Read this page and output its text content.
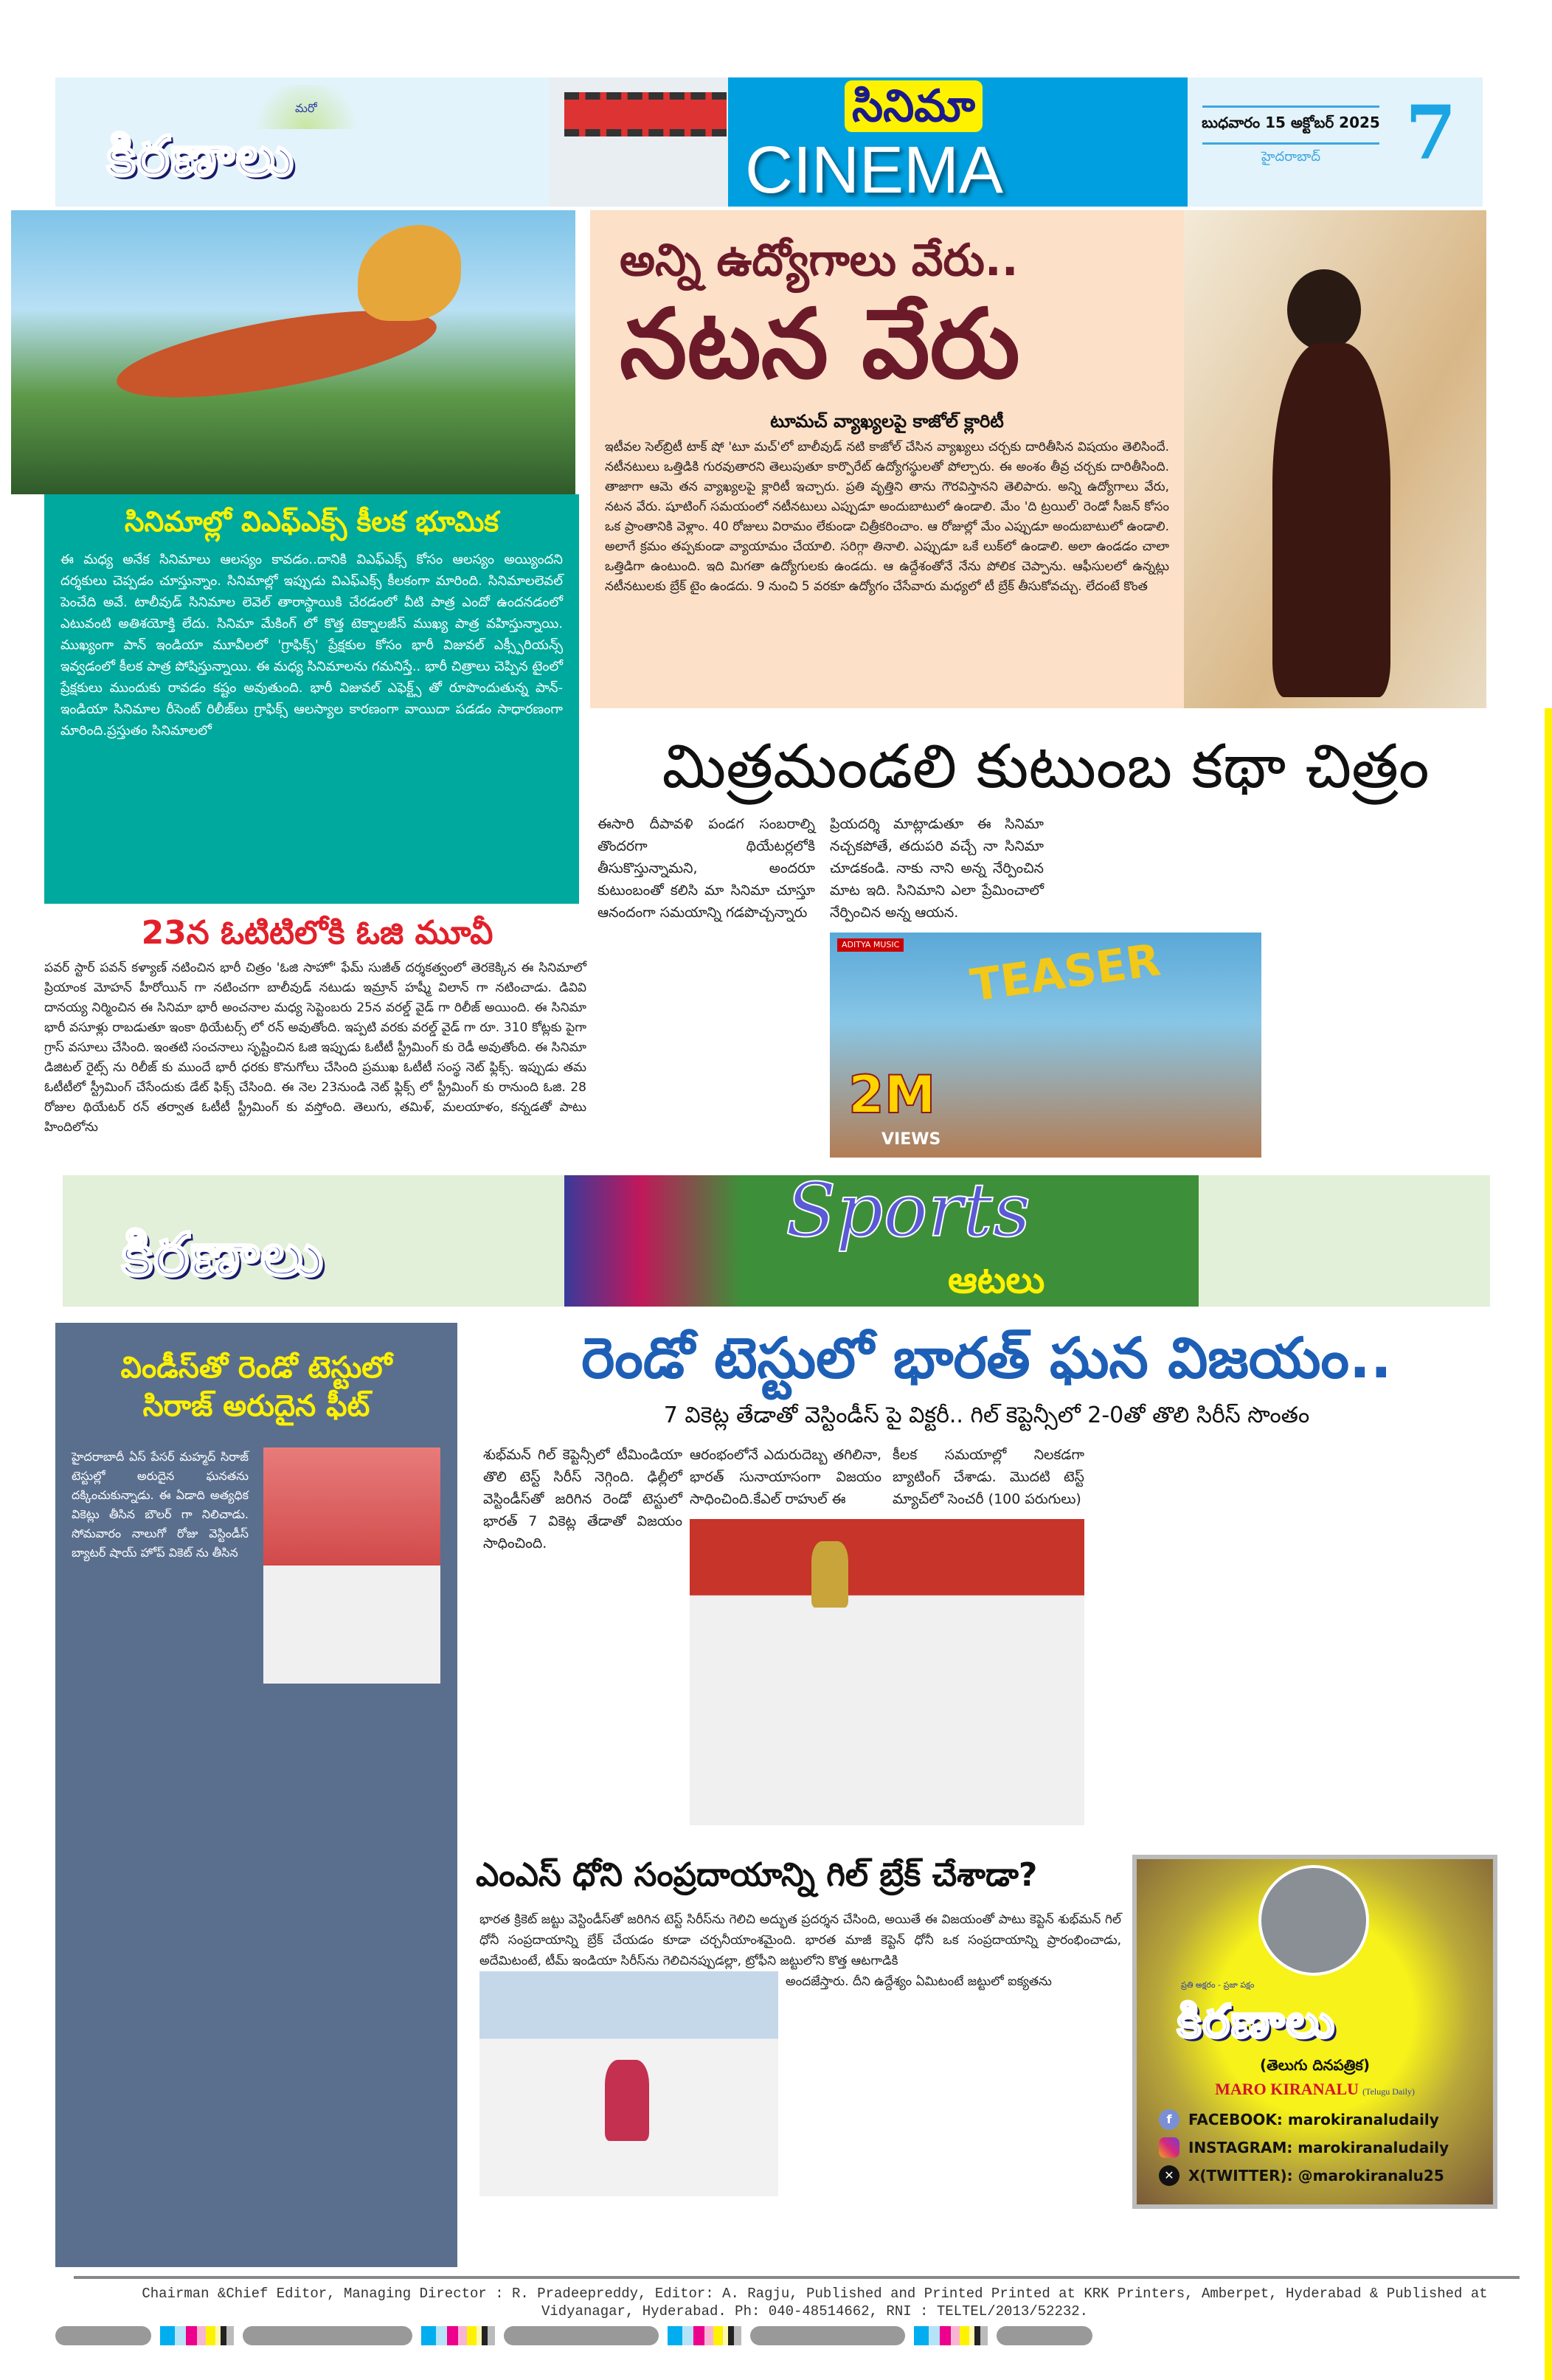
మరో
కిరణాలు
సినిమా
CINEMA
బుధవారం 15 అక్టోబర్ 2025
హైదరాబాద్	7
సినిమాల్లో విఎఫ్ఎక్స్ కీలక భూమిక

ఈ మధ్య అనేక సినిమాలు ఆలస్యం కావడం..దానికి విఎఫ్ఎక్స్ కోసం ఆలస్యం అయ్యిందని దర్శకులు చెప్పడం చూస్తున్నాం. సినిమాల్లో ఇప్పుడు విఎఫ్ఎక్స్ కీలకంగా మారింది. సినిమాలలెవల్ పెంచేది అవే. టాలీవుడ్ సినిమాల లెవెల్ తారాస్థాయికి చేరడంలో వీటి పాత్ర ఎందో ఉందనడంలో ఎటువంటి అతిశయోక్తి లేదు. సినిమా మేకింగ్ లో కొత్త టెక్నాలజీస్ ముఖ్య పాత్ర వహిస్తున్నాయి. ముఖ్యంగా పాన్ ఇండియా మూవీలలో 'గ్రాఫిక్స్' ప్రేక్షకుల కోసం భారీ విజువల్ ఎక్స్పీరియన్స్ ఇవ్వడంలో కీలక పాత్ర పోషిస్తున్నాయి. ఈ మధ్య సినిమాలను గమనిస్తే.. భారీ చిత్రాలు చెప్పిన టైంలో ప్రేక్షకులు ముందుకు రావడం కష్టం అవుతుంది. భారీ విజువల్ ఎఫెక్ట్స్ తో రూపొందుతున్న పాన్-ఇండియా సినిమాల రీసెంట్ రిలీజ్‌లు గ్రాఫిక్స్ ఆలస్యాల కారణంగా వాయిదా పడడం సాధారణంగా మారింది.ప్రస్తుతం సినిమాలలో

23న ఓటిటిలోకి ఓజి మూవీ

పవర్ స్టార్ పవన్ కళ్యాణ్ నటించిన భారీ చిత్రం 'ఓజి సాహో' ఫేమ్ సుజీత్ దర్శకత్వంలో తెరకెక్కిన ఈ సినిమాలో ప్రియాంక మోహన్ హీరోయిన్ గా నటించగా బాలీవుడ్ నటుడు ఇమ్రాన్ హష్మీ విలాన్ గా నటించాడు. డివివి దానయ్య నిర్మించిన ఈ సినిమా భారీ అంచనాల మధ్య సెప్టెంబరు 25న వరల్డ్ వైడ్ గా రిలీజ్ అయింది. ఈ సినిమా భారీ వసూళ్లు రాబడుతూ ఇంకా థియేటర్స్ లో రన్ అవుతోంది. ఇప్పటి వరకు వరల్డ్ వైడ్ గా రూ. 310 కోట్లకు పైగా గ్రాస్ వసూలు చేసింది. ఇంతటి సంచనాలు సృష్టించిన ఓజి ఇప్పుడు ఓటీటీ స్ట్రీమింగ్ కు రెడీ అవుతోంది. ఈ సినిమా డిజిటల్ రైట్స్ ను రిలీజ్ కు ముందే భారీ ధరకు కొనుగోలు చేసింది ప్రముఖ ఓటీటీ సంస్థ నెట్ ఫ్లిక్స్. ఇప్పుడు తమ ఓటీటీలో స్ట్రీమింగ్ చేసేందుకు డేట్ ఫిక్స్ చేసింది. ఈ నెల 23నుండి నెట్ ఫ్లిక్స్ లో స్ట్రీమింగ్ కు రానుంది ఓజి. 28 రోజుల థియేటర్ రన్ తర్వాత ఓటీటీ స్ట్రీమింగ్ కు వస్తోంది. తెలుగు, తమిళ్, మలయాళం, కన్నడతో పాటు హిందిలోను

అన్ని ఉద్యోగాలు వేరు..
నటన వేరు
టూమచ్ వ్యాఖ్యలపై కాజోల్ క్లారిటీ

ఇటీవల సెల్‌బ్రిటీ టాక్ షో 'టూ మచ్'లో బాలీవుడ్ నటి కాజోల్ చేసిన వ్యాఖ్యలు చర్చకు దారితీసిన విషయం తెలిసిందే. నటీనటులు ఒత్తిడికి గురవుతారని తెలుపుతూ కార్పొరేట్ ఉద్యోగస్థులతో పోల్చారు. ఈ అంశం తీవ్ర చర్చకు దారితీసింది. తాజాగా ఆమె తన వ్యాఖ్యలపై క్లారిటీ ఇచ్చారు. ప్రతి వృత్తిని తాను గౌరవిస్తానని తెలిపారు. అన్ని ఉద్యోగాలు వేరు, నటన వేరు. షూటింగ్ సమయంలో నటీనటులు ఎప్పుడూ అందుబాటులో ఉండాలి. మేం 'ది ట్రయిల్' రెండో సీజన్ కోసం ఒక ప్రాంతానికి వెళ్లాం. 40 రోజులు విరామం లేకుండా చిత్రీకరించాం. ఆ రోజుల్లో మేం ఎప్పుడూ అందుబాటులో ఉండాలి. అలాగే క్రమం తప్పకుండా వ్యాయామం చేయాలి. సరిగ్గా తినాలి. ఎప్పుడూ ఒకే లుక్‌లో ఉండాలి. అలా ఉండడం చాలా ఒత్తిడిగా ఉంటుంది. ఇది మిగతా ఉద్యోగులకు ఉండదు. ఆ ఉద్దేశంతోనే నేను పోలిక చెప్పాను. ఆఫీసులలో ఉన్నట్లు నటీనటులకు బ్రేక్ టైం ఉండదు. 9 నుంచి 5 వరకూ ఉద్యోగం చేసేవారు మధ్యలో టీ బ్రేక్ తీసుకోవచ్చు. లేదంటే కొంత

మిత్రమండలి కుటుంబ కథా చిత్రం

ఈసారి దీపావళి పండగ సంబరాల్ని తొందరగా థియేటర్లలోకి తీసుకొస్తున్నామని, అందరూ కుటుంబంతో కలిసి మా సినిమా చూస్తూ ఆనందంగా సమయాన్ని గడపొచ్చన్నారు

ప్రియదర్శి మాట్లాడుతూ ఈ సినిమా నచ్చకపోతే, తదుపరి వచ్చే నా సినిమా చూడకండి. నాకు నాని అన్న నేర్పించిన మాట ఇది. సినిమాని ఎలా ప్రేమించాలో నేర్పించిన అన్న ఆయన.

ADITYA MUSIC TEASER
2M
VIEWS
కిరణాలు
Sports
ఆటలు
విండీస్‌తో రెండో టెస్టులో
సిరాజ్ అరుదైన ఫీట్

హైదరాబాదీ ఏస్ పేసర్ మహ్మద్ సిరాజ్ టెస్టుల్లో అరుదైన ఘనతను దక్కించుకున్నాడు. ఈ ఏడాది అత్యధిక వికెట్లు తీసిన బౌలర్ గా నిలిచాడు. సోమవారం నాలుగో రోజు వెస్టిండీస్ బ్యాటర్ షాయ్ హోప్ వికెట్ ను తీసిన

రెండో టెస్టులో భారత్ ఘన విజయం..
7 వికెట్ల తేడాతో వెస్టిండీస్ పై విక్టరీ.. గిల్ కెప్టెన్సీలో 2-0తో తొలి సిరీస్ సొంతం

శుభ్‌మన్ గిల్ కెప్టెన్సీలో టీమిండియా తొలి టెస్ట్ సిరీస్ నెగ్గింది. ఢిల్లీలో వెస్టిండీస్‌తో జరిగిన రెండో టెస్టులో భారత్ 7 వికెట్ల తేడాతో విజయం సాధించింది.

ఆరంభంలోనే ఎదురుదెబ్బ తగిలినా, భారత్ సునాయాసంగా విజయం సాధించింది.కేఎల్ రాహుల్ ఈ

కీలక సమయాల్లో నిలకడగా బ్యాటింగ్ చేశాడు. మొదటి టెస్ట్ మ్యాచ్‌లో సెంచరీ (100 పరుగులు)

ఎంఎస్ ధోని సంప్రదాయాన్ని గిల్ బ్రేక్ చేశాడా?

భారత క్రికెట్ జట్టు వెస్టిండీస్‌తో జరిగిన టెస్ట్ సిరీస్‌ను గెలిచి అద్భుత ప్రదర్శన చేసింది, అయితే ఈ విజయంతో పాటు కెప్టెన్ శుభ్‌మన్ గిల్ ధోనీ సంప్రదాయాన్ని బ్రేక్ చేయడం కూడా చర్చనీయాంశమైంది. భారత మాజీ కెప్టెన్ ధోనీ ఒక సంప్రదాయాన్ని ప్రారంభించాడు, అదేమిటంటే, టీమ్ ఇండియా సిరీస్‌ను గెలిచినప్పుడల్లా, ట్రోఫీని జట్టులోని కొత్త ఆటగాడికి

అందజేస్తారు. దీని ఉద్దేశ్యం ఏమిటంటే జట్టులో ఐక్యతను	ప్రతి అక్షరం - ప్రజా పక్షం
కిరణాలు
(తెలుగు దినపత్రిక)
MARO KIRANALU (Telugu Daily)
f	FACEBOOK: marokiranaludaily
INSTAGRAM: marokiranaludaily
✕ X(TWITTER): @marokiranalu25
Chairman &Chief Editor, Managing Director : R. Pradeepreddy, Editor: A. Ragju, Published and Printed Printed at KRK Printers, Amberpet, Hyderabad & Published at
Vidyanagar, Hyderabad. Ph: 040-48514662, RNI : TELTEL/2013/52232.
